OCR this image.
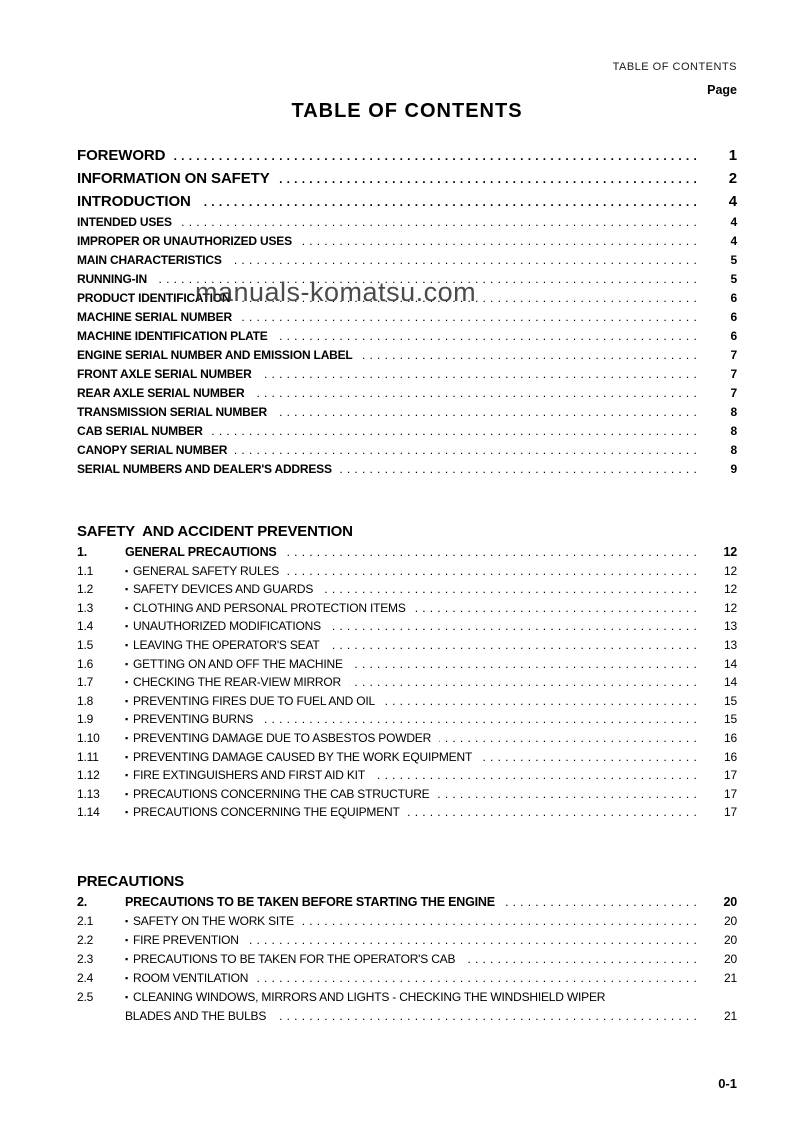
TABLE OF CONTENTS
Page
TABLE OF CONTENTS
FOREWORD .....	1
INFORMATION ON SAFETY .....	2
INTRODUCTION .....	4
INTENDED USES .....	4
IMPROPER OR UNAUTHORIZED USES .....	4
MAIN CHARACTERISTICS .....	5
RUNNING-IN .....	5
PRODUCT IDENTIFICATION .....	6
MACHINE SERIAL NUMBER .....	6
MACHINE IDENTIFICATION PLATE .....	6
ENGINE SERIAL NUMBER AND EMISSION LABEL .....	7
FRONT AXLE SERIAL NUMBER .....	7
REAR AXLE SERIAL NUMBER .....	7
TRANSMISSION SERIAL NUMBER .....	8
CAB SERIAL NUMBER .....	8
CANOPY SERIAL NUMBER .....	8
SERIAL NUMBERS AND DEALER'S ADDRESS .....	9
SAFETY  AND ACCIDENT PREVENTION
1.	GENERAL PRECAUTIONS .....	12
1.1	▪ GENERAL SAFETY RULES .....	12
1.2	▪ SAFETY DEVICES AND GUARDS .....	12
1.3	▪ CLOTHING AND PERSONAL PROTECTION ITEMS .....	12
1.4	▪ UNAUTHORIZED MODIFICATIONS .....	13
1.5	▪ LEAVING THE OPERATOR'S SEAT .....	13
1.6	▪ GETTING ON AND OFF THE MACHINE .....	14
1.7	▪ CHECKING THE REAR-VIEW MIRROR .....	14
1.8	▪ PREVENTING FIRES DUE TO FUEL AND OIL .....	15
1.9	▪ PREVENTING BURNS .....	15
1.10	▪ PREVENTING DAMAGE DUE TO ASBESTOS POWDER .....	16
1.11	▪ PREVENTING DAMAGE CAUSED BY THE WORK EQUIPMENT .....	16
1.12	▪ FIRE EXTINGUISHERS AND FIRST AID KIT .....	17
1.13	▪ PRECAUTIONS CONCERNING THE CAB STRUCTURE .....	17
1.14	▪ PRECAUTIONS CONCERNING THE EQUIPMENT .....	17
PRECAUTIONS
2.	PRECAUTIONS TO BE TAKEN BEFORE STARTING THE ENGINE .....	20
2.1	▪ SAFETY ON THE WORK SITE .....	20
2.2	▪ FIRE PREVENTION .....	20
2.3	▪ PRECAUTIONS TO BE TAKEN FOR THE OPERATOR'S CAB .....	20
2.4	▪ ROOM VENTILATION .....	21
2.5	▪ CLEANING WINDOWS, MIRRORS AND LIGHTS - CHECKING THE WINDSHIELD WIPER
BLADES AND THE BULBS .....	21
manuals-komatsu.com
0-1
